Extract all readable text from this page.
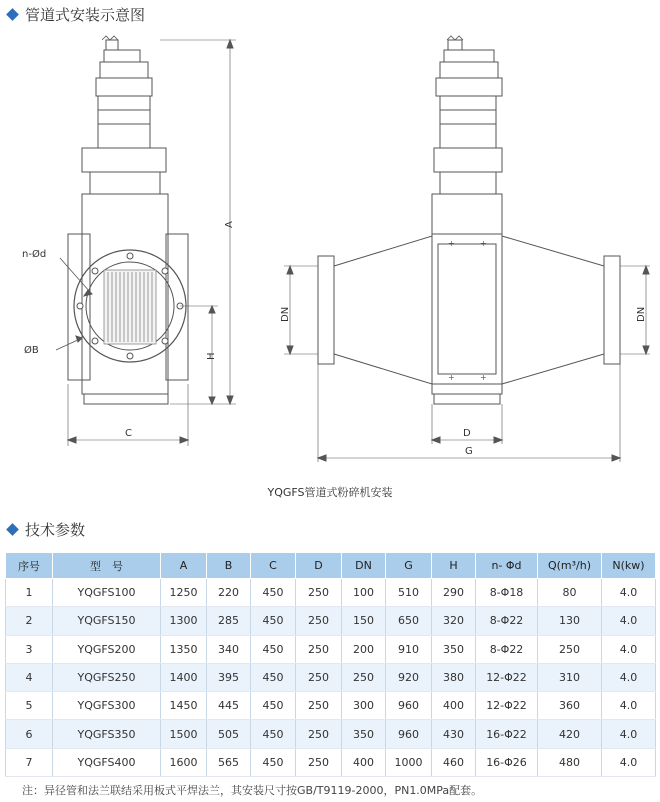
管道式安装示意图
n-Ød
ØB
A
H
C
+	+
+	+
DN	DN
D
G
YQGFS管道式粉碎机安装
技术参数
序号	型　号	A	B	C	D	DN	G	H	n- Φd	Q(m³/h)	N(kw)
1	YQGFS100	1250	220	450	250	100	510	290	8-Φ18	80	4.0
2	YQGFS150	1300	285	450	250	150	650	320	8-Φ22	130	4.0
3	YQGFS200	1350	340	450	250	200	910	350	8-Φ22	250	4.0
4	YQGFS250	1400	395	450	250	250	920	380	12-Φ22	310	4.0
5	YQGFS300	1450	445	450	250	300	960	400	12-Φ22	360	4.0
6	YQGFS350	1500	505	450	250	350	960	430	16-Φ22	420	4.0
7	YQGFS400	1600	565	450	250	400	1000	460	16-Φ26	480	4.0
注：异径管和法兰联结采用板式平焊法兰，其安装尺寸按GB/T9119-2000，PN1.0MPa配套。
